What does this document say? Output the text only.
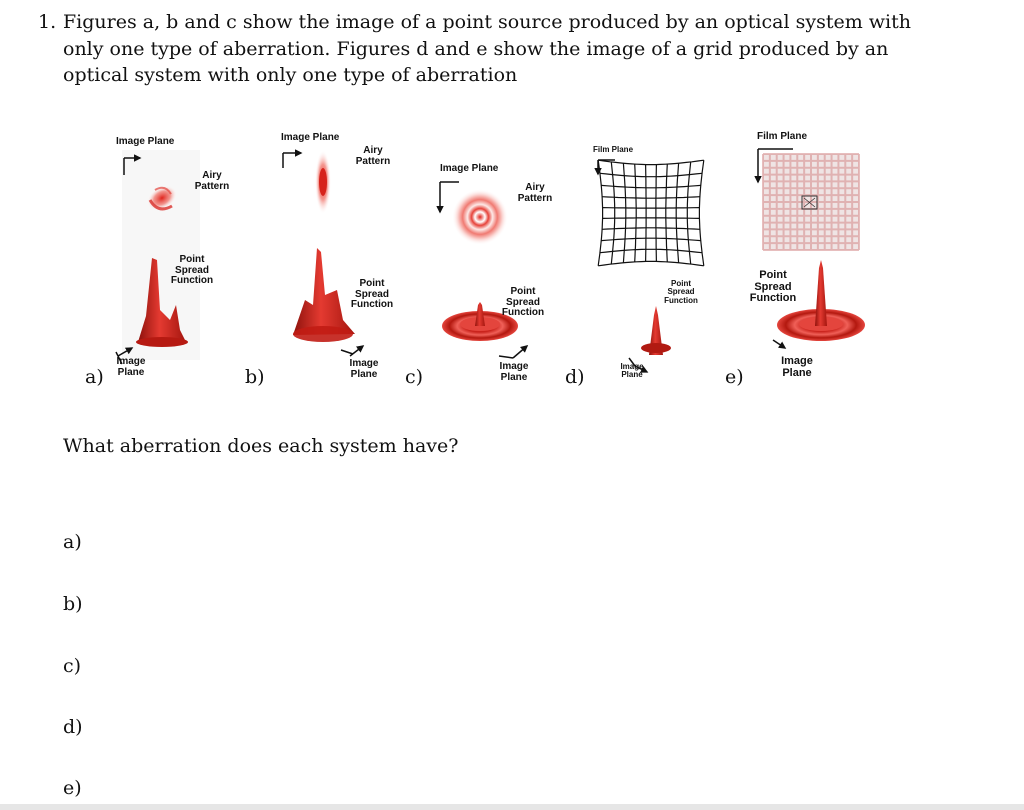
1. Figures a, b and c show the image of a point source produced by an optical system with only one type of aberration. Figures d and e show the image of a grid produced by an optical system with only one type of aberration
Image Plane
Airy Pattern
Point Spread Function
Image Plane
a)
Image Plane
Airy Pattern
Point Spread Function
Image Plane
b)
Image Plane
Airy Pattern
Point Spread Function
Image Plane
c)
Film Plane
Point Spread Function
Image Plane
d)
Film Plane
Point Spread Function
Image Plane
e)
What aberration does each system have?
a)
b)
c)
d)
e)
